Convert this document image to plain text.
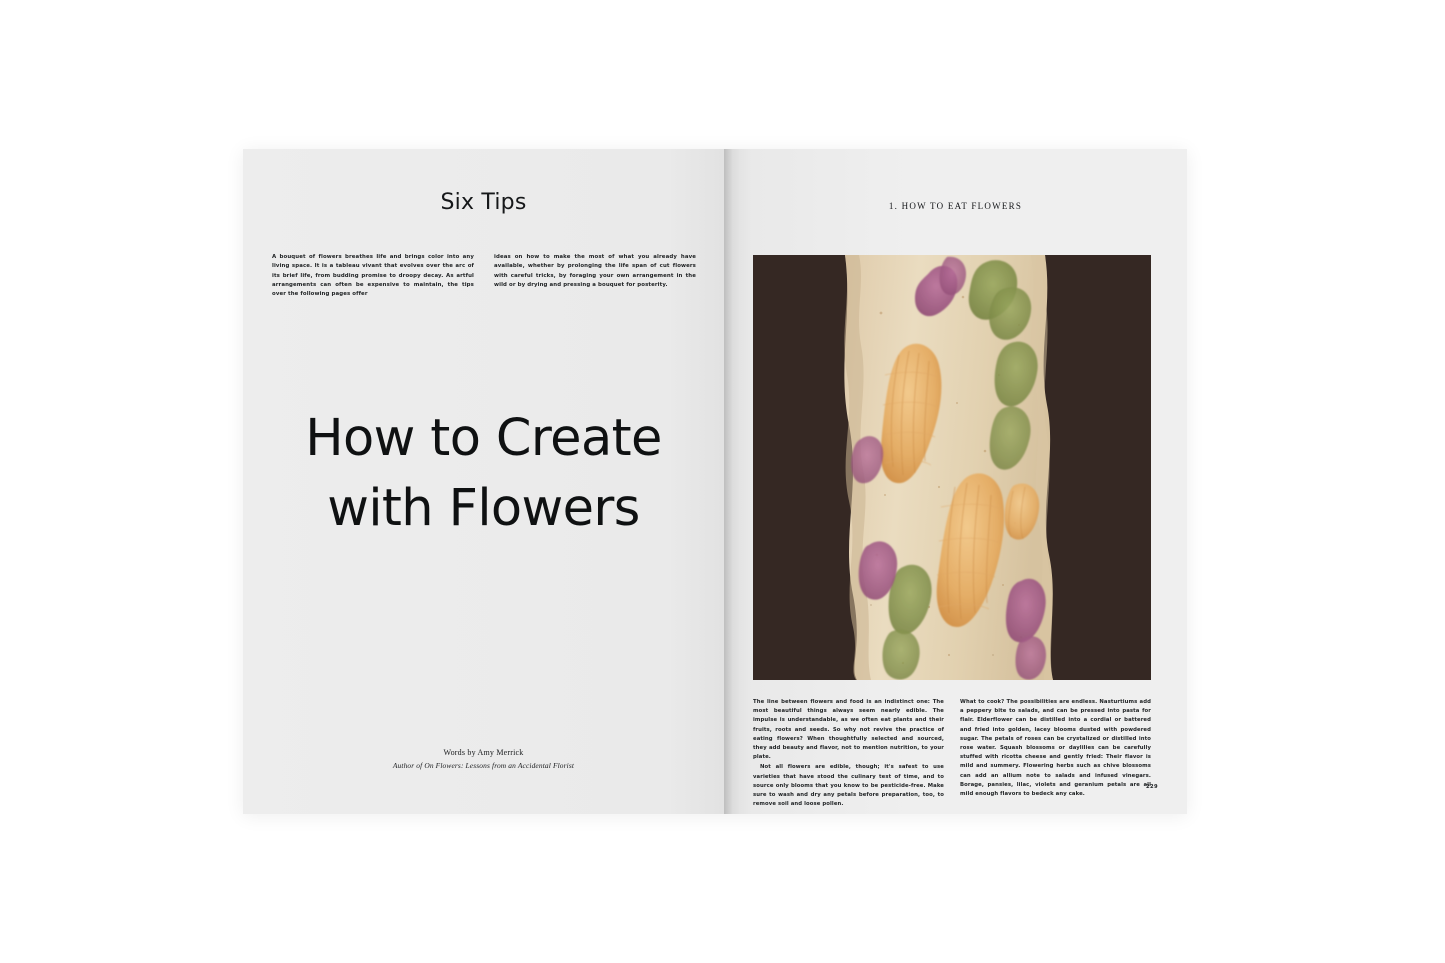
Six Tips
A bouquet of flowers breathes life and brings color into any living space. It is a tableau vivant that evolves over the arc of its brief life, from budding promise to droopy decay. As artful arrangements can often be expensive to maintain, the tips over the following pages offer
ideas on how to make the most of what you already have available, whether by prolonging the life span of cut flowers with careful tricks, by foraging your own arrangement in the wild or by drying and pressing a bouquet for posterity.
How to Create
with Flowers
Words by Amy Merrick
Author of On Flowers: Lessons from an Accidental Florist
1. HOW TO EAT FLOWERS

The line between flowers and food is an indistinct one: The most beautiful things always seem nearly edible. The impulse is understandable, as we often eat plants and their fruits, roots and seeds. So why not revive the practice of eating flowers? When thoughtfully selected and sourced, they add beauty and flavor, not to mention nutrition, to your plate.

Not all flowers are edible, though; it's safest to use varieties that have stood the culinary test of time, and to source only blooms that you know to be pesticide-free. Make sure to wash and dry any petals before preparation, too, to remove soil and loose pollen.

What to cook? The possibilities are endless. Nasturtiums add a peppery bite to salads, and can be pressed into pasta for flair. Elderflower can be distilled into a cordial or battered and fried into golden, lacey blooms dusted with powdered sugar. The petals of roses can be crystalized or distilled into rose water. Squash blossoms or daylilies can be carefully stuffed with ricotta cheese and gently fried: Their flavor is mild and summery. Flowering herbs such as chive blossoms can add an allium note to salads and infused vinegars. Borage, pansies, lilac, violets and geranium petals are all mild enough flavors to bedeck any cake.

229
